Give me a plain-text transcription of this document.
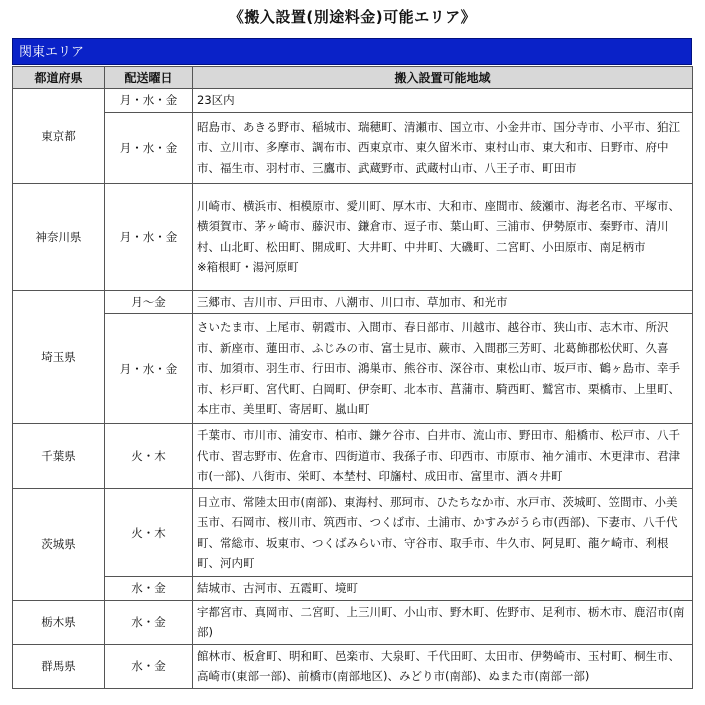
《搬入設置(別途料金)可能エリア》
関東エリア
都道府県	配送曜日	搬入設置可能地域
東京都	月・水・金	23区内
	月・水・金	昭島市、あきる野市、稲城市、瑞穂町、清瀬市、国立市、小金井市、国分寺市、小平市、狛江市、立川市、多摩市、調布市、西東京市、東久留米市、東村山市、東大和市、日野市、府中市、福生市、羽村市、三鷹市、武蔵野市、武蔵村山市、八王子市、町田市
神奈川県	月・水・金	川崎市、横浜市、相模原市、愛川町、厚木市、大和市、座間市、綾瀬市、海老名市、平塚市、横須賀市、茅ヶ崎市、藤沢市、鎌倉市、逗子市、葉山町、三浦市、伊勢原市、秦野市、清川村、山北町、松田町、開成町、大井町、中井町、大磯町、二宮町、小田原市、南足柄市
※箱根町・湯河原町
埼玉県	月～金	三郷市、吉川市、戸田市、八潮市、川口市、草加市、和光市
	月・水・金	さいたま市、上尾市、朝霞市、入間市、春日部市、川越市、越谷市、狭山市、志木市、所沢市、新座市、蓮田市、ふじみの市、富士見市、蕨市、入間郡三芳町、北葛飾郡松伏町、久喜市、加須市、羽生市、行田市、鴻巣市、熊谷市、深谷市、東松山市、坂戸市、鶴ヶ島市、幸手市、杉戸町、宮代町、白岡町、伊奈町、北本市、菖蒲市、騎西町、鷲宮市、栗橋市、上里町、本庄市、美里町、寄居町、嵐山町
千葉県	火・木	千葉市、市川市、浦安市、柏市、鎌ケ谷市、白井市、流山市、野田市、船橋市、松戸市、八千代市、習志野市、佐倉市、四街道市、我孫子市、印西市、市原市、袖ケ浦市、木更津市、君津市(一部)、八街市、栄町、本埜村、印旛村、成田市、富里市、酒々井町
茨城県	火・木	日立市、常陸太田市(南部)、東海村、那珂市、ひたちなか市、水戸市、茨城町、笠間市、小美玉市、石岡市、桜川市、筑西市、つくば市、土浦市、かすみがうら市(西部)、下妻市、八千代町、常総市、坂東市、つくばみらい市、守谷市、取手市、牛久市、阿見町、龍ケ崎市、利根町、河内町
	水・金	結城市、古河市、五霞町、境町
栃木県	水・金	宇都宮市、真岡市、二宮町、上三川町、小山市、野木町、佐野市、足利市、栃木市、鹿沼市(南部)
群馬県	水・金	館林市、板倉町、明和町、邑楽市、大泉町、千代田町、太田市、伊勢崎市、玉村町、桐生市、高崎市(東部一部)、前橋市(南部地区)、みどり市(南部)、ぬまた市(南部一部)
